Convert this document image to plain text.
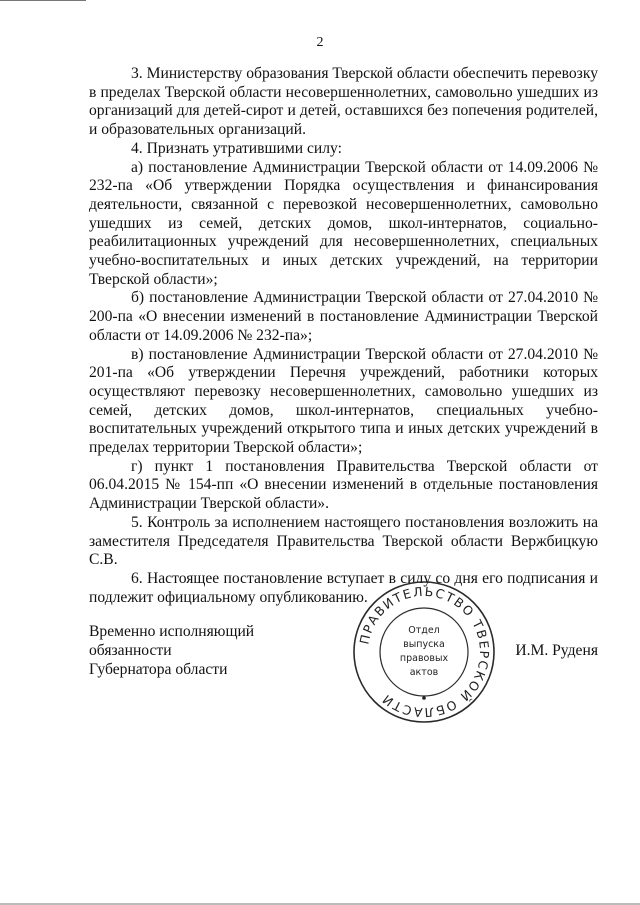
2

3. Министерству образования Тверской области обеспечить перевозку в пределах Тверской области несовершеннолетних, самовольно ушедших из организаций для детей-сирот и детей, оставшихся без попечения родителей, и образовательных организаций.

4. Признать утратившими силу:

а) постановление Администрации Тверской области от 14.09.2006 № 232-па «Об утверждении Порядка осуществления и финансирования деятельности, связанной с перевозкой несовершеннолетних, самовольно ушедших из семей, детских домов, школ-интернатов, социально-реабилитационных учреждений для несовершеннолетних, специальных учебно-воспитательных и иных детских учреждений, на территории Тверской области»;

б) постановление Администрации Тверской области от 27.04.2010 № 200-па «О внесении изменений в постановление Администрации Тверской области от 14.09.2006 № 232-па»;

в) постановление Администрации Тверской области от 27.04.2010 № 201-па «Об утверждении Перечня учреждений, работники которых осуществляют перевозку несовершеннолетних, самовольно ушедших из семей, детских домов, школ-интернатов, специальных учебно-воспитательных учреждений открытого типа и иных детских учреждений в пределах территории Тверской области»;

г) пункт 1 постановления Правительства Тверской области от 06.04.2015 № 154-пп «О внесении изменений в отдельные постановления Администрации Тверской области».

5. Контроль за исполнением настоящего постановления возложить на заместителя Председателя Правительства Тверской области Вержбицкую С.В.

6. Настоящее постановление вступает в силу со дня его подписания и подлежит официальному опубликованию.

Временно исполняющий обязанности
Губернатора области
И.М. Руденя
ПРАВИТЕЛЬСТВО ТВЕРСКОЙ ОБЛАСТИ
Отдел
выпуска
правовых
актов
